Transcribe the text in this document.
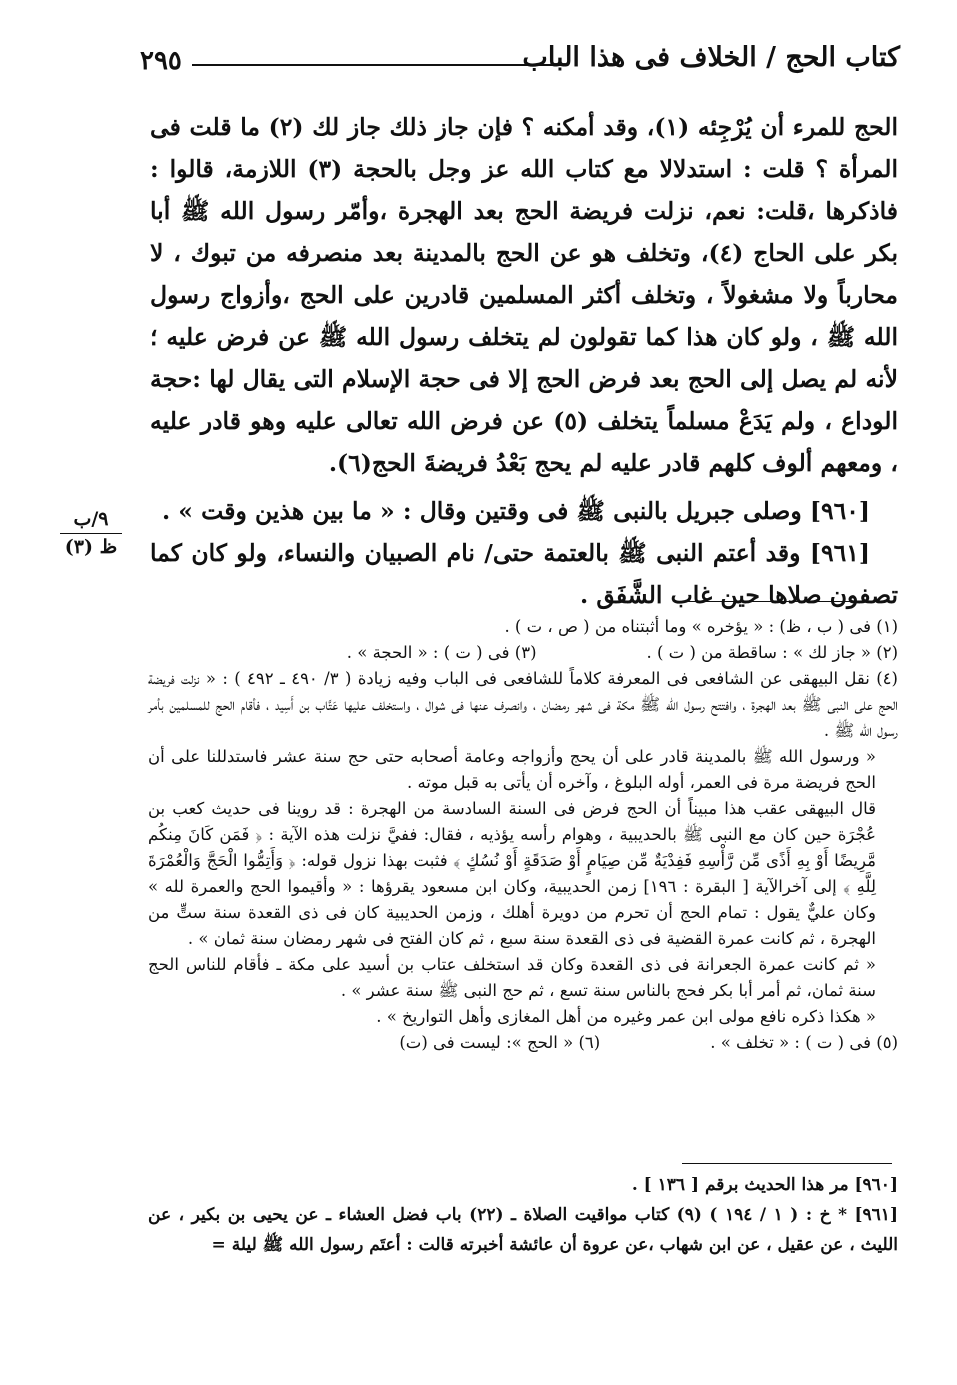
كتاب الحج / الخلاف فى هذا الباب
٢٩٥

الحج للمرء أن يُرْجِئه (١)، وقد أمكنه ؟ فإن جاز ذلك جاز لك (٢) ما قلت فى المرأة ؟ قلت : استدلالا مع كتاب الله عز وجل بالحجة (٣) اللازمة، قالوا : فاذكرها ،قلت: نعم، نزلت فريضة الحج بعد الهجرة ،وأمّر رسول الله ﷺ أبا بكر على الحاج (٤)، وتخلف هو عن الحج بالمدينة بعد منصرفه من تبوك ، لا محارباً ولا مشغولاً ، وتخلف أكثر المسلمين قادرين على الحج ،وأزواج رسول الله ﷺ ، ولو كان هذا كما تقولون لم يتخلف رسول الله ﷺ عن فرض عليه ؛ لأنه لم يصل إلى الحج بعد فرض الحج إلا فى حجة الإسلام التى يقال لها :حجة الوداع ، ولم يَدَعْ مسلماً يتخلف (٥) عن فرض الله تعالى عليه وهو قادر عليه ، ومعهم ألوف كلهم قادر عليه لم يحج بَعْدُ فريضةَ الحج(٦).

[٩٦٠] وصلى جبريل بالنبى ﷺ فى وقتين وقال : « ما بين هذين وقت » .

[٩٦١] وقد أعتم النبى ﷺ بالعتمة حتى/ نام الصبيان والنساء، ولو كان كما تصفون صلاها حين غاب الشَّفَق .

٩/ب
ظ (٣)

(١) فى ( ب ، ظ) : « يؤخره » وما أثبتناه من ( ص ، ت ) .

(٢) « جاز لك » : ساقطة من ( ت ) .

(٣) فى ( ت ) : « الحجة » .

(٤) نقل البيهقى عن الشافعى فى المعرفة كلاماً للشافعى فى الباب وفيه زيادة ( ٣/ ٤٩٠ ـ ٤٩٢ ) : « نزلت فريضة الحج على النبى ﷺ بعد الهجرة ، وافتتح رسول الله ﷺ مكة فى شهر رمضان ، وانصرف عنها فى شوال ، واستخلف عليها عَتَّاب بن أَسِيد ، فأقام الحج للمسلمين بأمر رسول الله ﷺ .

« ورسول الله ﷺ بالمدينة قادر على أن يحج وأزواجه وعامة أصحابه حتى حج سنة عشر فاستدللنا على أن الحج فريضة مرة فى العمر، أوله البلوغ ، وآخره أن يأتى به قبل موته .

قال البيهقى عقب هذا مبيناً أن الحج فرض فى السنة السادسة من الهجرة : قد روينا فى حديث كعب بن عُجْرَة حين كان مع النبى ﷺ بالحديبية ، وهوام رأسه يؤذيه ، فقال: ففيَّ نزلت هذه الآية : ﴿ فَمَن كَانَ مِنكُم مَّرِيضًا أَوْ بِهِ أَذًى مِّن رَّأْسِهِ فَفِدْيَةٌ مِّن صِيَامٍ أَوْ صَدَقَةٍ أَوْ نُسُكٍ ﴾ فثبت بهذا نزول قوله: ﴿ وَأَتِمُّوا الْحَجَّ وَالْعُمْرَةَ لِلَّهِ ﴾ إلى آخرالآية [ البقرة : ١٩٦] زمن الحديبية، وكان ابن مسعود يقرؤها : « وأقيموا الحج والعمرة لله » وكان عليٌّ يقول : تمام الحج أن تحرم من دويرة أهلك ، وزمن الحديبية كان فى ذى القعدة سنة ستٍّ من الهجرة ، ثم كانت عمرة القضية فى ذى القعدة سنة سبع ، ثم كان الفتح فى شهر رمضان سنة ثمان » .

« ثم كانت عمرة الجعرانة فى ذى القعدة وكان قد استخلف عتاب بن أسيد على مكة ـ فأقام للناس الحج سنة ثمان، ثم أمر أبا بكر فحج بالناس سنة تسع ، ثم حج النبى ﷺ سنة عشر » .

« هكذا ذكره نافع مولى ابن عمر وغيره من أهل المغازى وأهل التواريخ » .

(٥) فى ( ت ) : « تخلف » .

(٦) « الحج »: ليست فى (ت)

[٩٦٠] مر هذا الحديث برقم [ ١٣٦ ] .

[٩٦١] * خ : ( ١ / ١٩٤ ) (٩) كتاب مواقيت الصلاة ـ (٢٢) باب فضل العشاء ـ عن يحيى بن بكير ، عن الليث ، عن عقيل ، عن ابن شهاب ،عن عروة أن عائشة أخبرته قالت : أعتَم رسول الله ﷺ ليلة =
